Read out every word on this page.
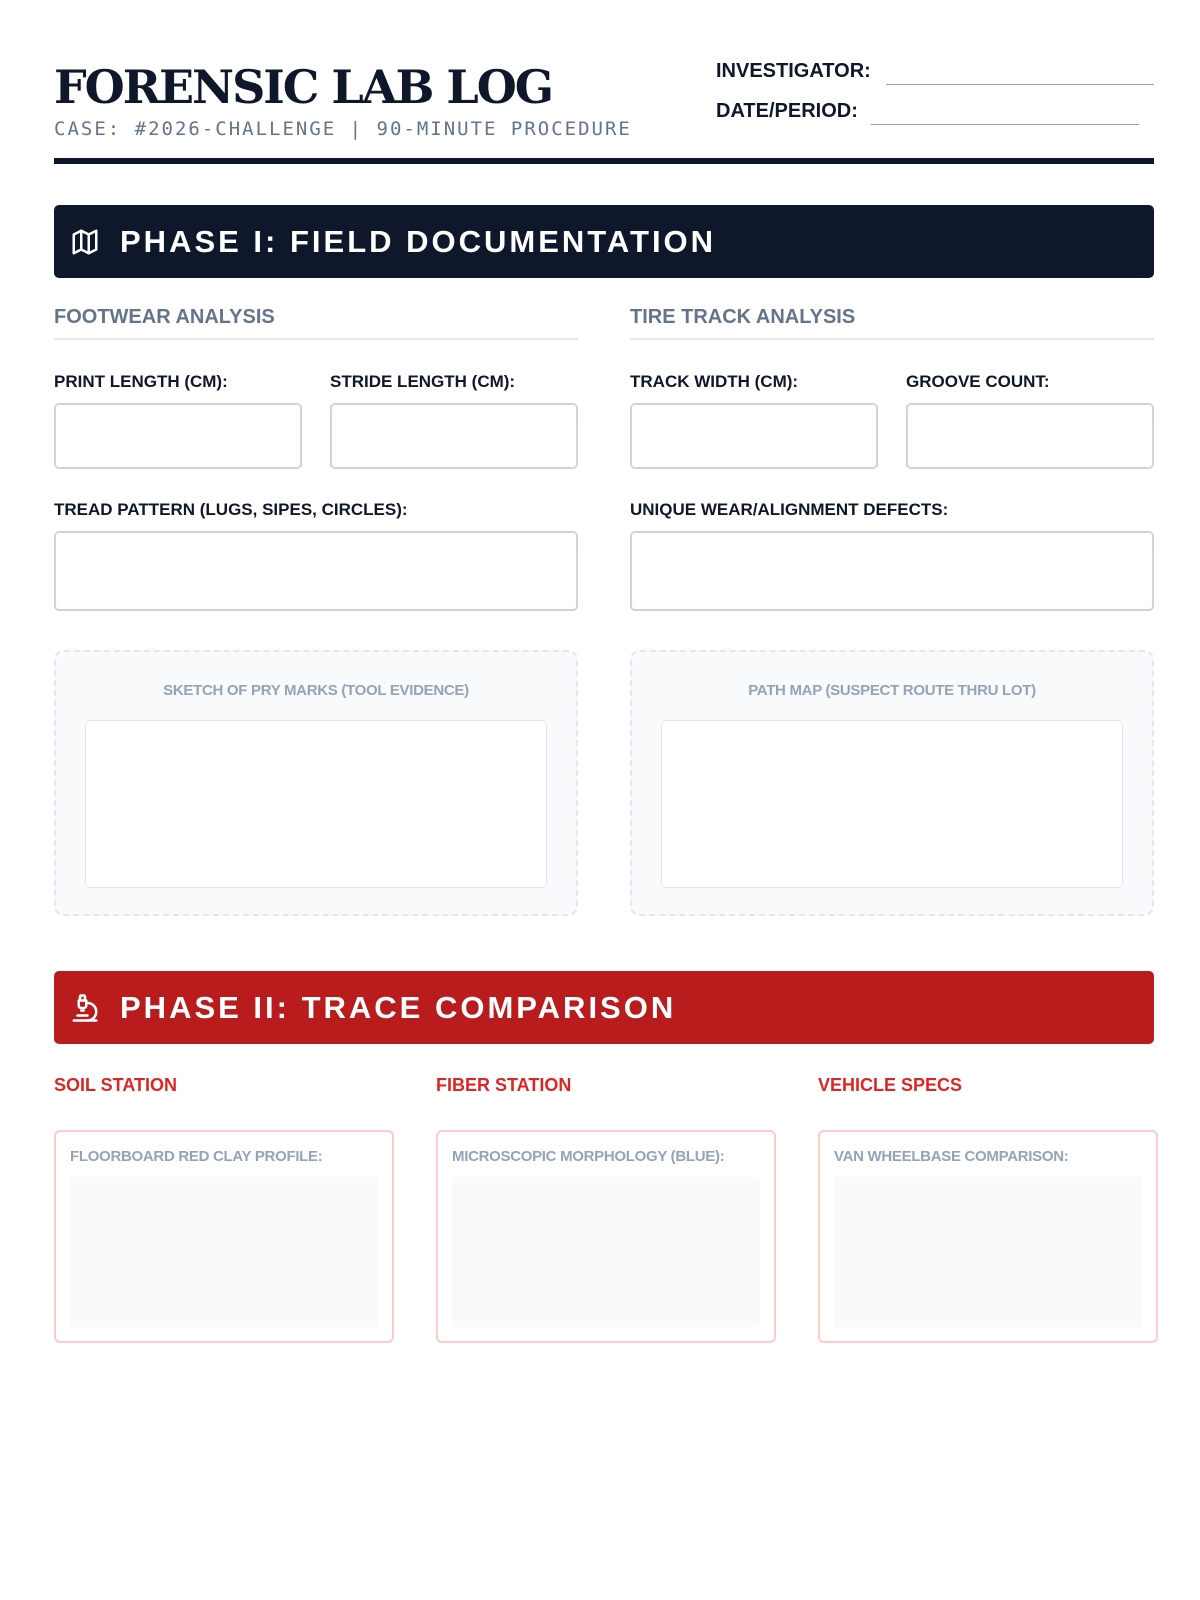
FORENSIC LAB LOG
CASE: #2026-CHALLENGE | 90-MINUTE PROCEDURE
INVESTIGATOR:
DATE/PERIOD:
PHASE I: FIELD DOCUMENTATION
FOOTWEAR ANALYSIS	TIRE TRACK ANALYSIS
PRINT LENGTH (CM):	STRIDE LENGTH (CM):
TREAD PATTERN (LUGS, SIPES, CIRCLES):
TRACK WIDTH (CM):	GROOVE COUNT:
UNIQUE WEAR/ALIGNMENT DEFECTS:
SKETCH OF PRY MARKS (TOOL EVIDENCE)	PATH MAP (SUSPECT ROUTE THRU LOT)
PHASE II: TRACE COMPARISON
SOIL STATION	FIBER STATION	VEHICLE SPECS
FLOORBOARD RED CLAY PROFILE:	MICROSCOPIC MORPHOLOGY (BLUE):	VAN WHEELBASE COMPARISON:
